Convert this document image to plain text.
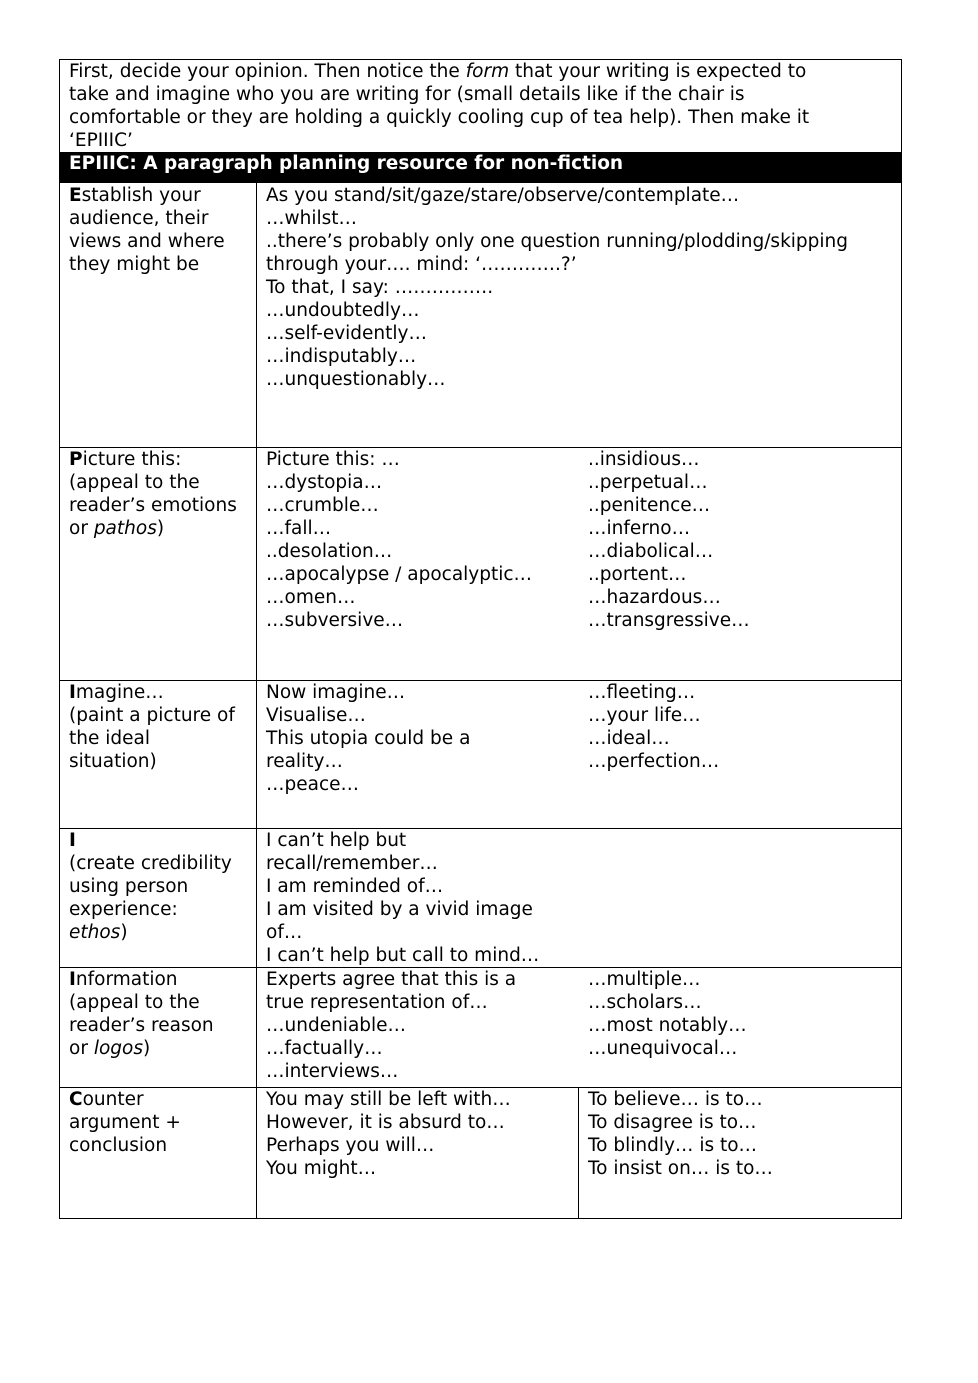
First, decide your opinion. Then notice the form that your writing is expected to
take and imagine who you are writing for (small details like if the chair is
comfortable or they are holding a quickly cooling cup of tea help). Then make it
‘EPIIIC’
EPIIIC: A paragraph planning resource for non-fiction
Establish your
audience, their
views and where
they might be
As you stand/sit/gaze/stare/observe/contemplate…
…whilst…
..there’s probably only one question running/plodding/skipping
through your…. mind: ‘………….?’
To that, I say: …………….
…undoubtedly…
…self-evidently…
…indisputably…
…unquestionably…
Picture this:
(appeal to the
reader’s emotions
or pathos)
Picture this: …
…dystopia…
…crumble…
…fall…
..desolation…
…apocalypse / apocalyptic…
…omen…
…subversive…
..insidious…
..perpetual…
..penitence…
…inferno…
…diabolical…
..portent…
…hazardous…
…transgressive…
Imagine…
(paint a picture of
the ideal
situation)
Now imagine…
Visualise…
This utopia could be a
reality…
…peace…
…fleeting…
…your life…
…ideal…
…perfection…
I
(create credibility
using person
experience:
ethos)
I can’t help but
recall/remember…
I am reminded of…
I am visited by a vivid image
of…
I can’t help but call to mind…
Information
(appeal to the
reader’s reason
or logos)
Experts agree that this is a
true representation of…
…undeniable…
…factually…
…interviews…
…multiple…
…scholars…
…most notably…
…unequivocal…
Counter
argument +
conclusion
You may still be left with…
However, it is absurd to…
Perhaps you will…
You might…
To believe… is to…
To disagree is to…
To blindly… is to…
To insist on… is to…
